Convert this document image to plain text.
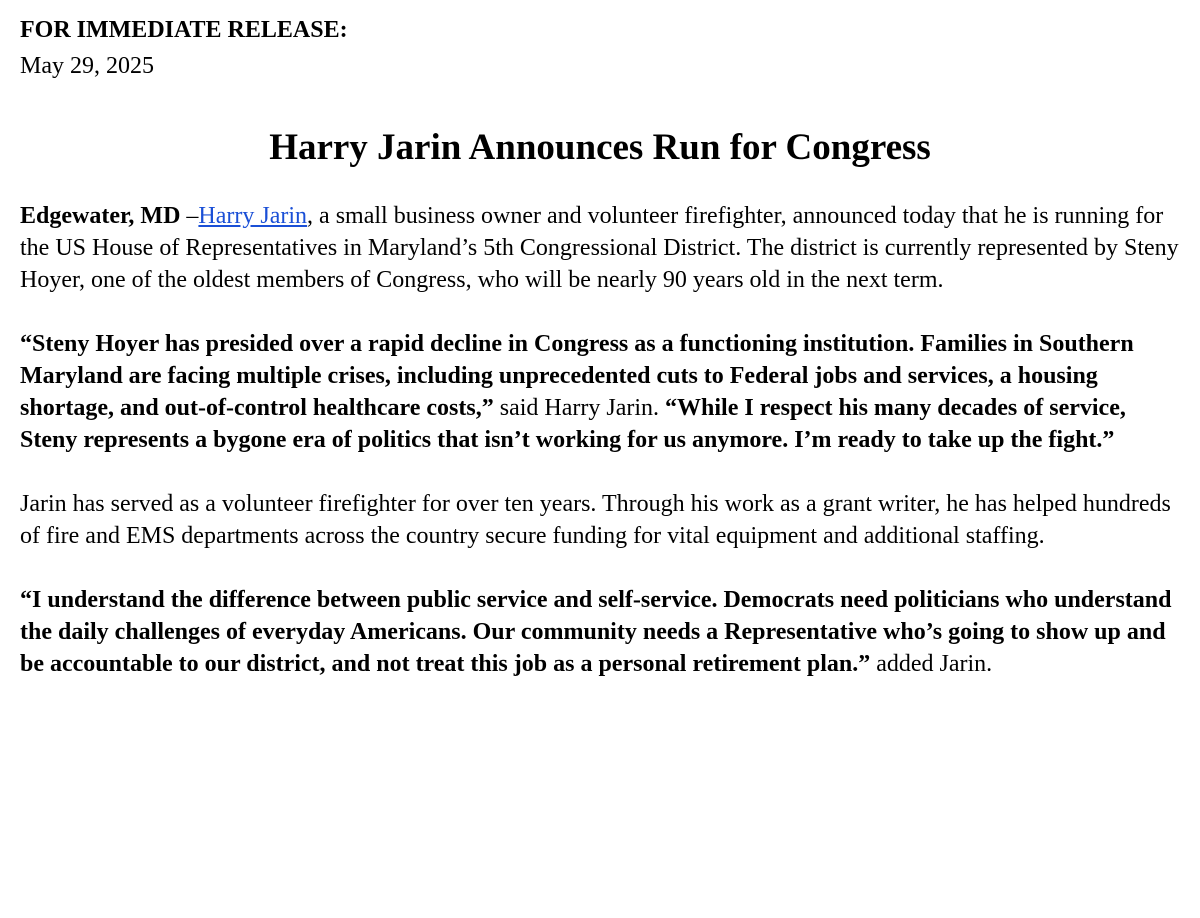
FOR IMMEDIATE RELEASE:

May 29, 2025

Harry Jarin Announces Run for Congress

Edgewater, MD –Harry Jarin, a small business owner and volunteer firefighter, announced today that he is running for the US House of Representatives in Maryland’s 5th Congressional District. The district is currently represented by Steny Hoyer, one of the oldest members of Congress, who will be nearly 90 years old in the next term.

“Steny Hoyer has presided over a rapid decline in Congress as a functioning institution. Families in Southern Maryland are facing multiple crises, including unprecedented cuts to Federal jobs and services, a housing shortage, and out-of-control healthcare costs,” said Harry Jarin. “While I respect his many decades of service, Steny represents a bygone era of politics that isn’t working for us anymore. I’m ready to take up the fight.”

Jarin has served as a volunteer firefighter for over ten years. Through his work as a grant writer, he has helped hundreds of fire and EMS departments across the country secure funding for vital equipment and additional staffing.

“I understand the difference between public service and self-service. Democrats need politicians who understand the daily challenges of everyday Americans. Our community needs a Representative who’s going to show up and be accountable to our district, and not treat this job as a personal retirement plan.” added Jarin.
